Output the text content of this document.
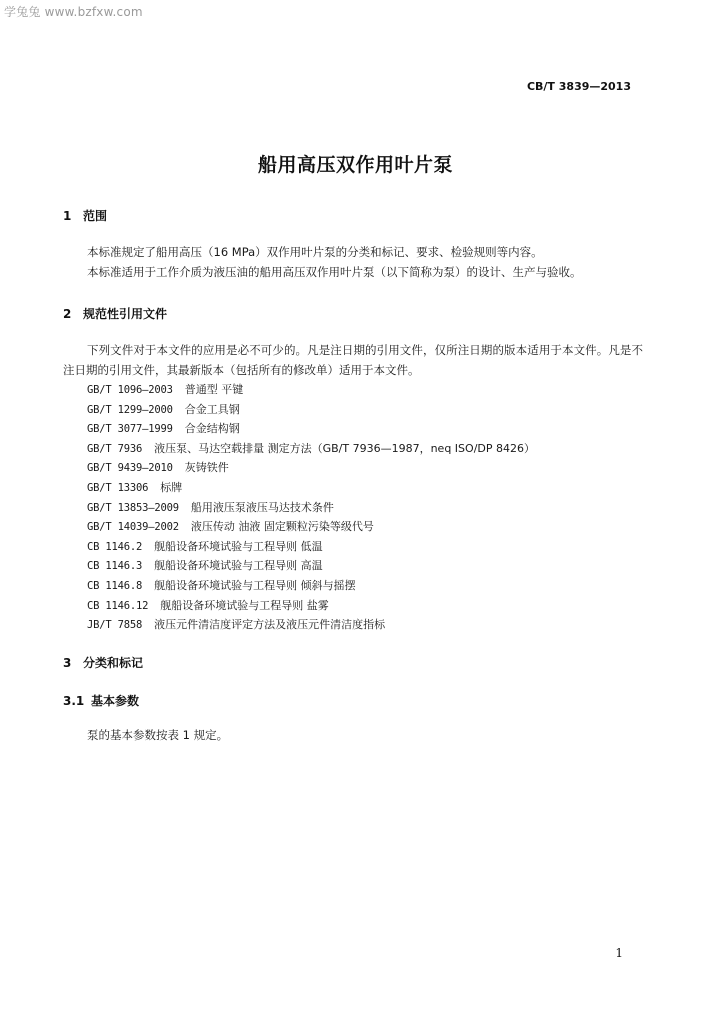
学兔兔 www.bzfxw.com
CB/T 3839—2013
船用高压双作用叶片泵
1 范围
本标准规定了船用高压（16 MPa）双作用叶片泵的分类和标记、要求、检验规则等内容。
本标准适用于工作介质为液压油的船用高压双作用叶片泵（以下简称为泵）的设计、生产与验收。
2 规范性引用文件
下列文件对于本文件的应用是必不可少的。凡是注日期的引用文件，仅所注日期的版本适用于本文件。凡是不注日期的引用文件，其最新版本（包括所有的修改单）适用于本文件。
GB/T 1096—2003 普通型 平键
GB/T 1299—2000 合金工具钢
GB/T 3077—1999 合金结构钢
GB/T 7936 液压泵、马达空载排量 测定方法（GB/T 7936—1987，neq ISO/DP 8426）
GB/T 9439—2010 灰铸铁件
GB/T 13306 标牌
GB/T 13853—2009 船用液压泵液压马达技术条件
GB/T 14039—2002 液压传动 油液 固定颗粒污染等级代号
CB 1146.2 舰船设备环境试验与工程导则 低温
CB 1146.3 舰船设备环境试验与工程导则 高温
CB 1146.8 舰船设备环境试验与工程导则 倾斜与摇摆
CB 1146.12 舰船设备环境试验与工程导则 盐雾
JB/T 7858 液压元件清洁度评定方法及液压元件清洁度指标
3 分类和标记
3.1 基本参数
泵的基本参数按表 1 规定。
1
